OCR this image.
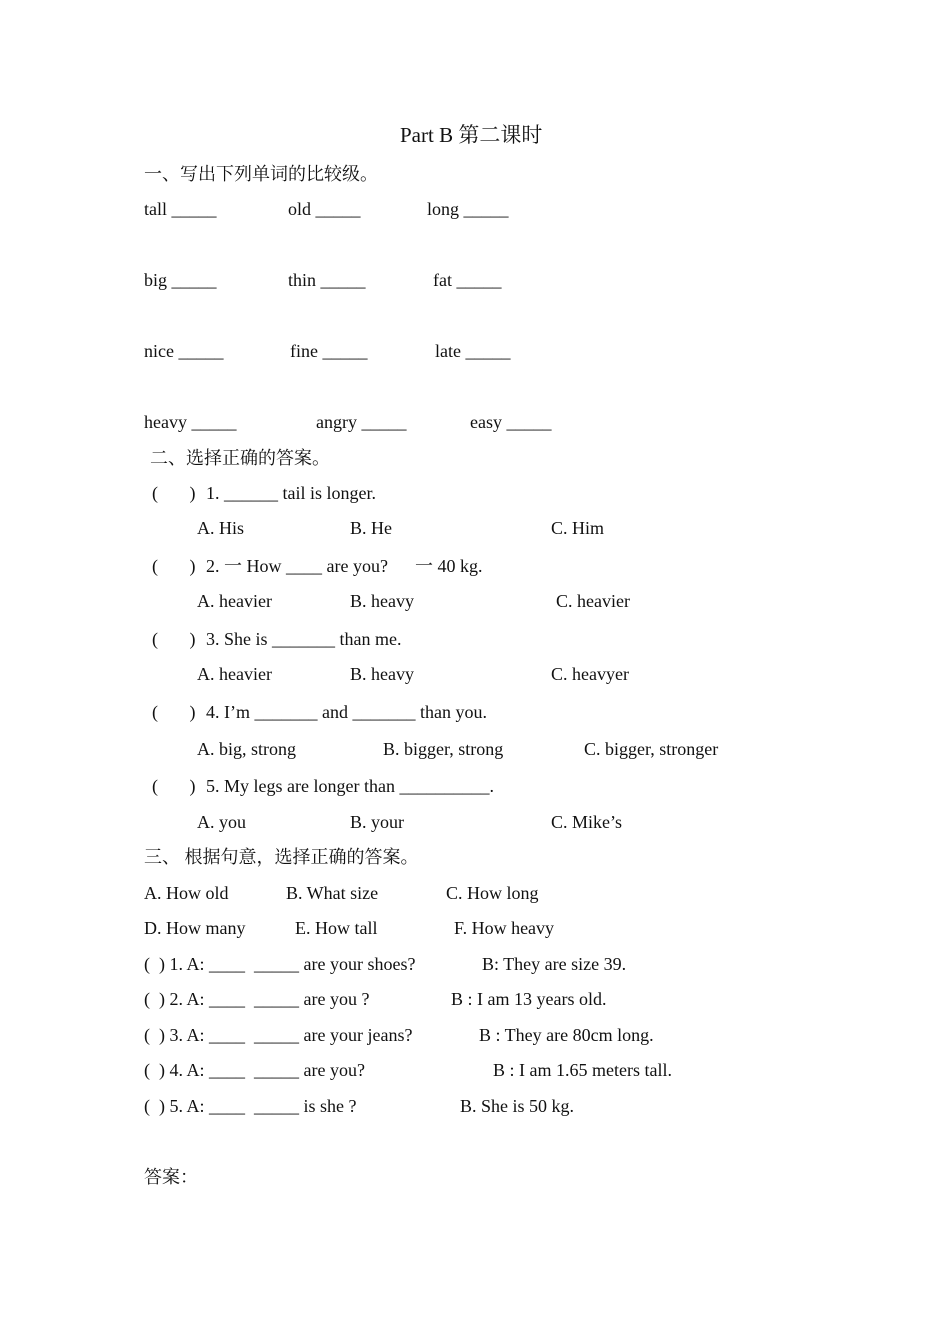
Part B 第二课时
一、写出下列单词的比较级。
tall _____	old _____	long _____
big _____	thin _____	fat _____
nice _____	fine _____	late _____
heavy _____	angry _____	easy _____
二、选择正确的答案。
(       ) 1. ______ tail is longer.
A. His	B. He	C. Him
(       ) 2. 一 How ____ are you?      一 40 kg.
A. heavier	B. heavy	C. heavier
(       ) 3. She is _______ than me.
A. heavier	B. heavy	C. heavyer
(       ) 4. I’m _______ and _______ than you.
A. big, strong	B. bigger, strong	C. bigger, stronger
(       ) 5. My legs are longer than __________.
A. you	B. your	C. Mike’s
三、 根据句意，选择正确的答案。
A. How old	B. What size	C. How long
D. How many	E. How tall	F. How heavy
(  ) 1. A: ____  _____ are your shoes?	B: They are size 39.
(  ) 2. A: ____  _____ are you ?	B : I am 13 years old.
(  ) 3. A: ____  _____ are your jeans?	B : They are 80cm long.
(  ) 4. A: ____  _____ are you?	B : I am 1.65 meters tall.
(  ) 5. A: ____  _____ is she ?	B. She is 50 kg.
答案：
